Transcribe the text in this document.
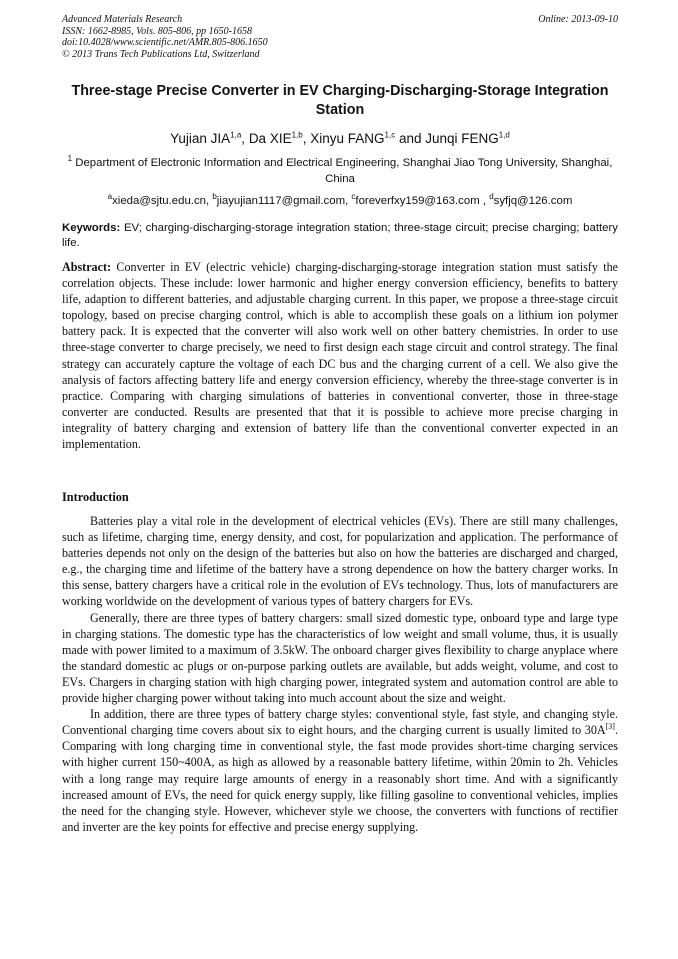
Advanced Materials Research
ISSN: 1662-8985, Vols. 805-806, pp 1650-1658
doi:10.4028/www.scientific.net/AMR.805-806.1650
© 2013 Trans Tech Publications Ltd, Switzerland
Online: 2013-09-10
Three-stage Precise Converter in EV Charging-Discharging-Storage Integration Station
Yujian JIA$^{1,a}$, Da XIE$^{1,b}$, Xinyu FANG$^{1,c}$ and Junqi FENG$^{1,d}$
$^1$ Department of Electronic Information and Electrical Engineering, Shanghai Jiao Tong University, Shanghai, China
$^a$xieda@sjtu.edu.cn, $^b$jiayujian1117@gmail.com, $^c$foreverfxy159@163.com , $^d$syfjq@126.com
Keywords: EV; charging-discharging-storage integration station; three-stage circuit; precise charging; battery life.
Abstract: Converter in EV (electric vehicle) charging-discharging-storage integration station must satisfy the correlation objects. These include: lower harmonic and higher energy conversion efficiency, benefits to battery life, adaption to different batteries, and adjustable charging current. In this paper, we propose a three-stage circuit topology, based on precise charging control, which is able to accomplish these goals on a lithium ion polymer battery pack. It is expected that the converter will also work well on other battery chemistries. In order to use three-stage converter to charge precisely, we need to first design each stage circuit and control strategy. The final strategy can accurately capture the voltage of each DC bus and the charging current of a cell. We also give the analysis of factors affecting battery life and energy conversion efficiency, whereby the three-stage converter is in practice. Comparing with charging simulations of batteries in conventional converter, those in three-stage converter are conducted. Results are presented that that it is possible to achieve more precise charging in integrality of battery charging and extension of battery life than the conventional converter expected in an implementation.
Introduction

Batteries play a vital role in the development of electrical vehicles (EVs). There are still many challenges, such as lifetime, charging time, energy density, and cost, for popularization and application. The performance of batteries depends not only on the design of the batteries but also on how the batteries are discharged and charged, e.g., the charging time and lifetime of the battery have a strong dependence on how the battery charger works. In this sense, battery chargers have a critical role in the evolution of EVs technology. Thus, lots of manufacturers are working worldwide on the development of various types of battery chargers for EVs.

Generally, there are three types of battery chargers: small sized domestic type, onboard type and large type in charging stations. The domestic type has the characteristics of low weight and small volume, thus, it is usually made with power limited to a maximum of 3.5kW. The onboard charger gives flexibility to charge anyplace where the standard domestic ac plugs or on-purpose parking outlets are available, but adds weight, volume, and cost to EVs. Chargers in charging station with high charging power, integrated system and automation control are able to provide higher charging power without taking into much account about the size and weight.

In addition, there are three types of battery charge styles: conventional style, fast style, and changing style. Conventional charging time covers about six to eight hours, and the charging current is usually limited to 30A[3]. Comparing with long charging time in conventional style, the fast mode provides short-time charging services with higher current 150~400A, as high as allowed by a reasonable battery lifetime, within 20min to 2h. Vehicles with a long range may require large amounts of energy in a reasonably short time. And with a significantly increased amount of EVs, the need for quick energy supply, like filling gasoline to conventional vehicles, implies the need for the changing style. However, whichever style we choose, the converters with functions of rectifier and inverter are the key points for effective and precise energy supplying.
